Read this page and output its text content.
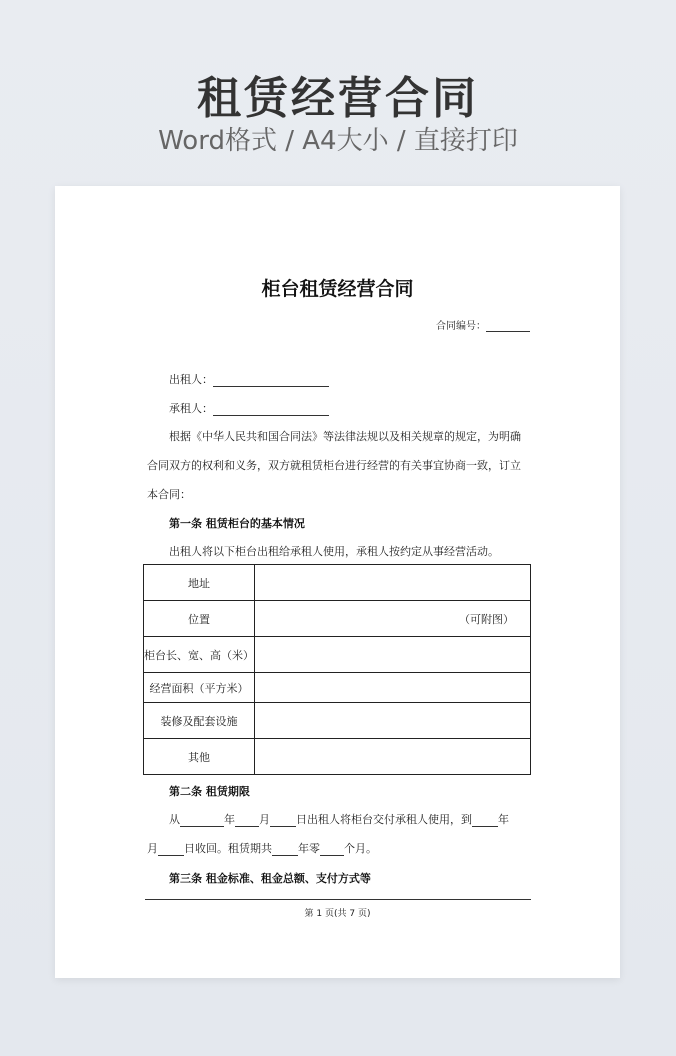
租赁经营合同
Word格式 / A4大小 / 直接打印
柜台租赁经营合同
合同编号：
出租人：
承租人：
根据《中华人民共和国合同法》等法律法规以及相关规章的规定，为明确合同双方的权利和义务，双方就租赁柜台进行经营的有关事宜协商一致，订立本合同：
第一条 租赁柜台的基本情况
出租人将以下柜台出租给承租人使用，承租人按约定从事经营活动。
地址	
位置	（可附图）
柜台长、宽、高（米）	
经营面积（平方米）	
装修及配套设施	
其他	
第二条 租赁期限
从	年 月 日出租人将柜台交付承租人使用，到 年
月 日收回。租赁期共 年零 个月。
第三条 租金标准、租金总额、支付方式等
第 1 页(共 7 页)
